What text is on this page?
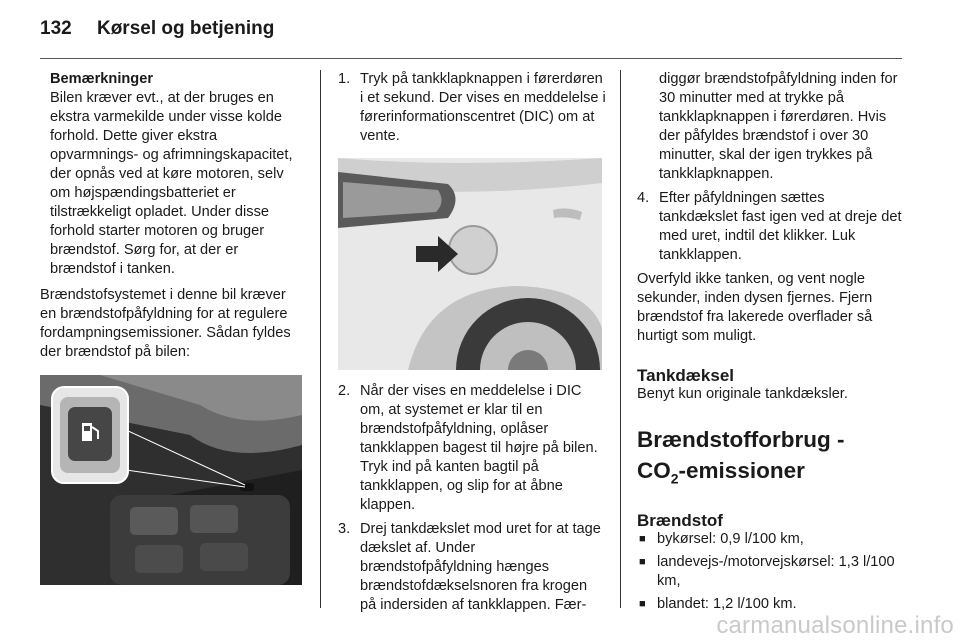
132 Kørsel og betjening
Bemærkninger
Bilen kræver evt., at der bruges en ekstra varmekilde under visse kolde forhold. Dette giver ekstra opvarmnings- og afrimningskapacitet, der opnås ved at køre motoren, selv om højspændingsbatteriet er tilstrækkeligt opladet. Under disse forhold starter motoren og bruger brændstof. Sørg for, at der er brændstof i tanken.

Brændstofsystemet i denne bil kræver en brændstofpåfyldning for at regulere fordampningsemissioner. Sådan fyldes der brændstof på bilen:

1. Tryk på tankklapknappen i førerdøren i et sekund. Der vises en meddelelse i førerinformationscentret (DIC) om at vente.
2. Når der vises en meddelelse i DIC om, at systemet er klar til en brændstofpåfyldning, oplåser tankklappen bagest til højre på bilen. Tryk ind på kanten bagtil på tankklappen, og slip for at åbne klappen.
3. Drej tankdækslet mod uret for at tage dækslet af. Under brændstofpåfyldning hænges brændstofdækselsnoren fra krogen på indersiden af tankklappen. Fær-
diggør brændstofpåfyldning inden for 30 minutter med at trykke på tankklapknappen i førerdøren. Hvis der påfyldes brændstof i over 30 minutter, skal der igen trykkes på tankklapknappen.
4. Efter påfyldningen sættes tankdækslet fast igen ved at dreje det med uret, indtil det klikker. Luk tankklappen.

Overfyld ikke tanken, og vent nogle sekunder, inden dysen fjernes. Fjern brændstof fra lakerede overflader så hurtigt som muligt.

Tankdæksel

Benyt kun originale tankdæksler.

Brændstofforbrug -
$CO_2$-emissioner
Brændstof
■ bykørsel: 0,9 l/100 km,
■ landevejs-/motorvejskørsel: 1,3 l/100 km,
■ blandet: 1,2 l/100 km.
carmanualsonline.info
